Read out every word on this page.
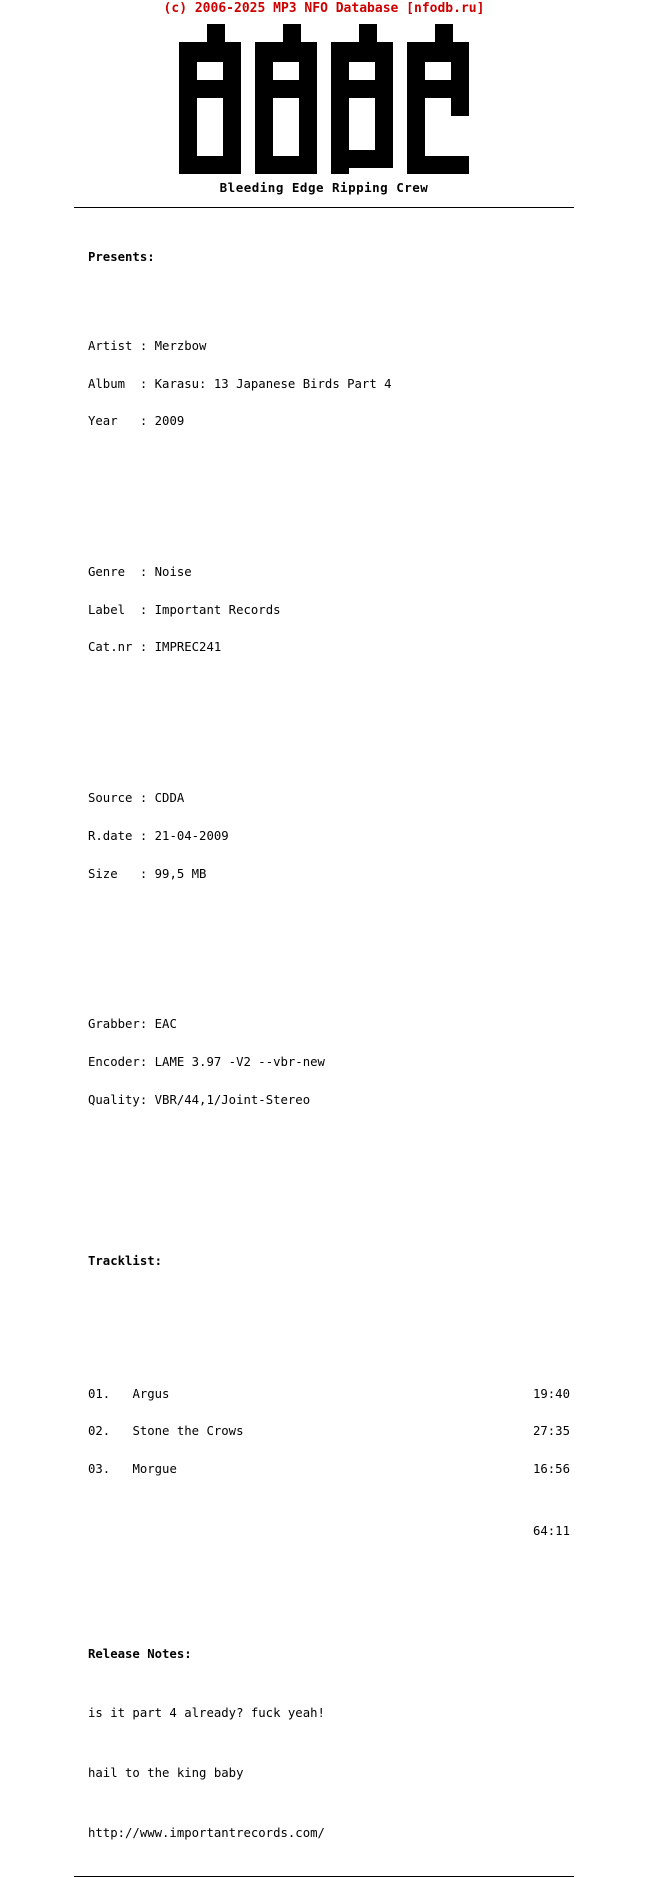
(c) 2006-2025 MP3 NFO Database [nfodb.ru]
Bleeding Edge Ripping Crew

Presents:

Artist : Merzbow

Album  : Karasu: 13 Japanese Birds Part 4

Year   : 2009

Genre  : Noise

Label  : Important Records

Cat.nr : IMPREC241

Source : CDDA

R.date : 21-04-2009

Size   : 99,5 MB

Grabber: EAC

Encoder: LAME 3.97 -V2 --vbr-new

Quality: VBR/44,1/Joint-Stereo

Tracklist:

01. Argus	19:40

02. Stone the Crows	27:35

03. Morgue	16:56

64:11

Release Notes:

is it part 4 already? fuck yeah!

hail to the king baby

http://www.importantrecords.com/
